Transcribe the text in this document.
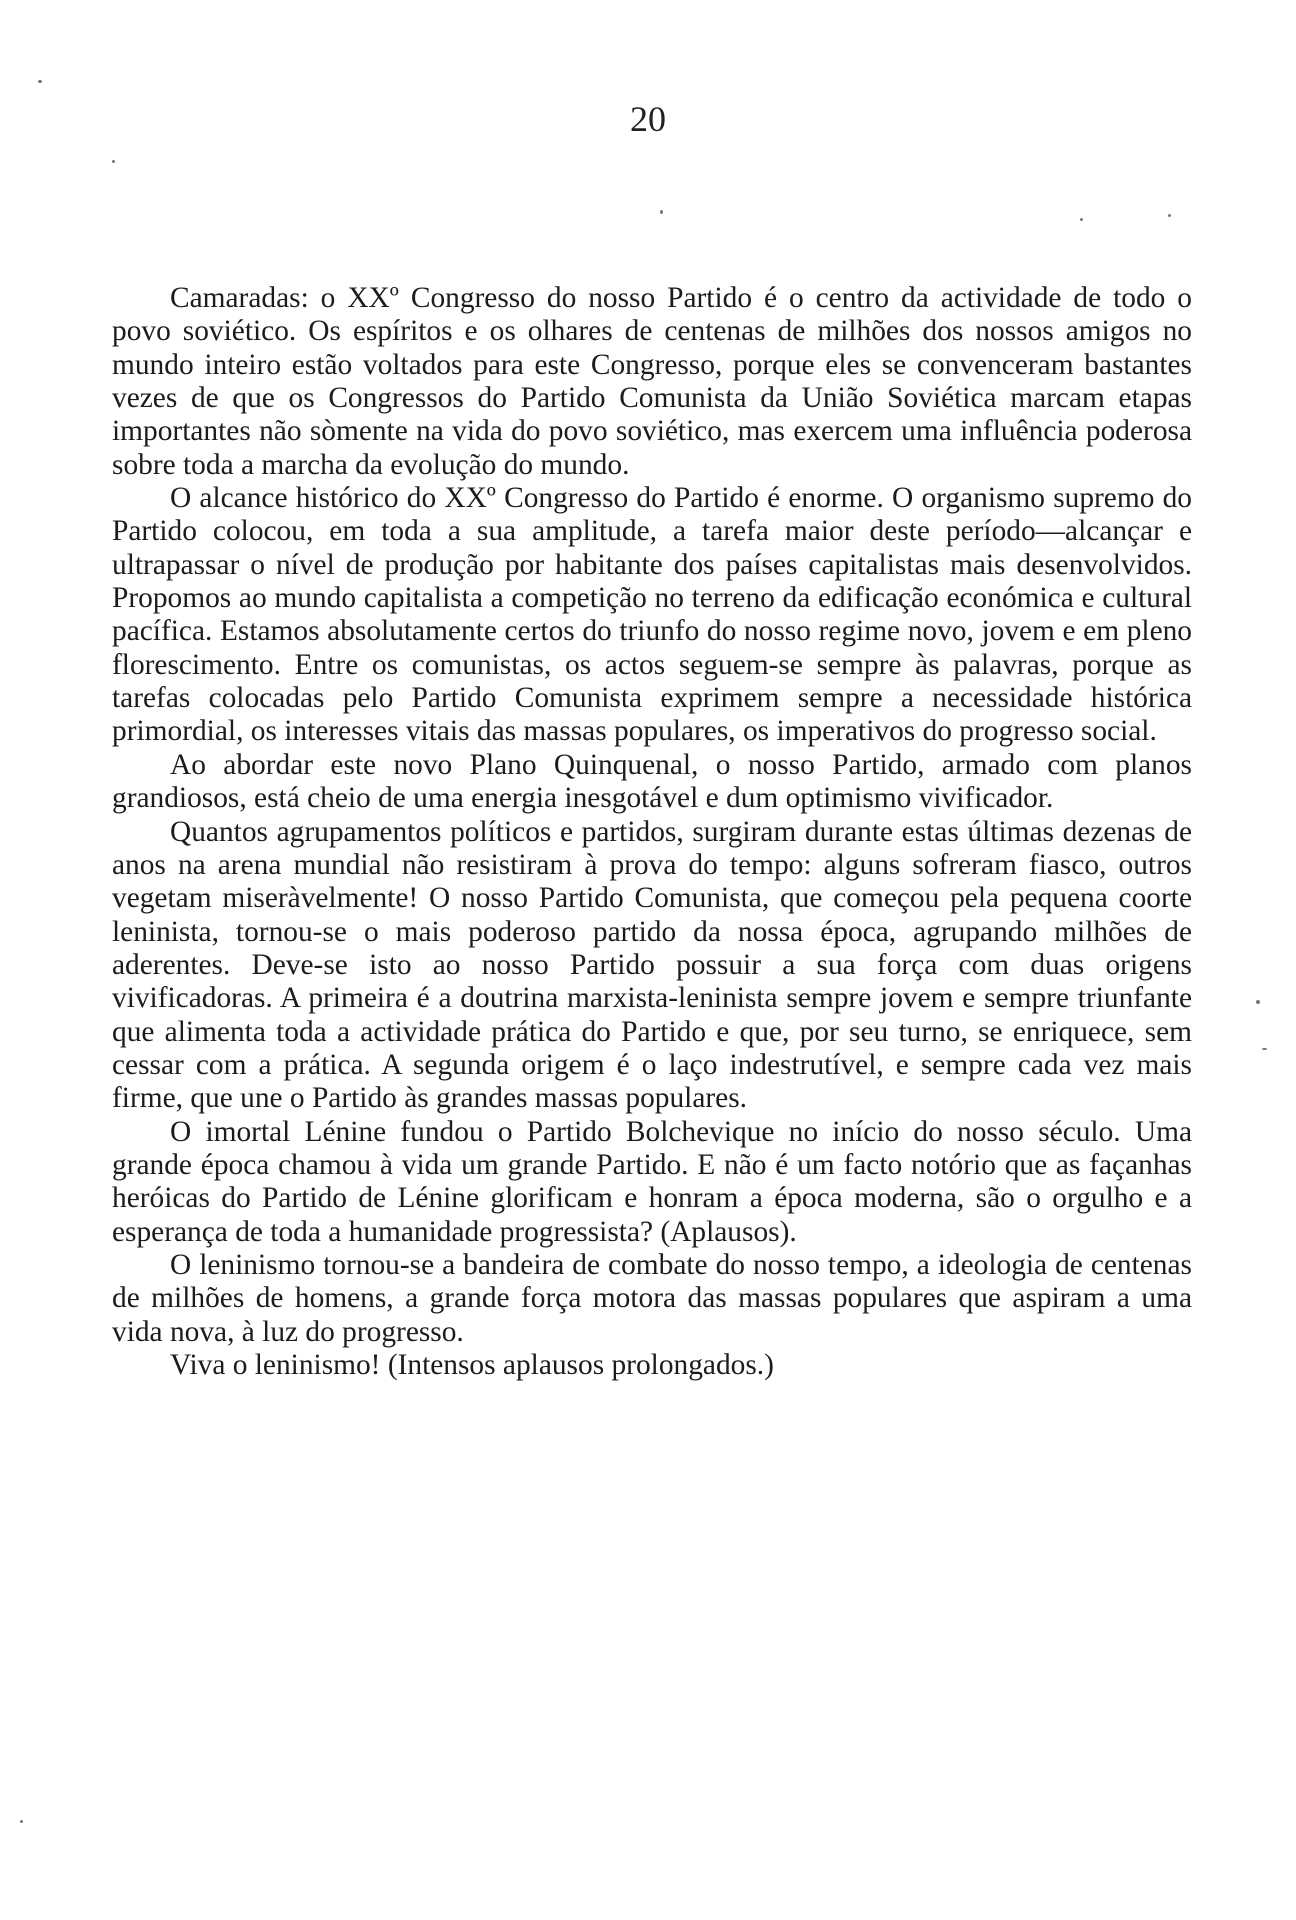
20

Camaradas: o XXº Congresso do nosso Partido é o centro da actividade de todo o povo soviético. Os espíritos e os olhares de centenas de milhões dos nossos amigos no mundo inteiro estão voltados para este Congresso, porque eles se convenceram bastantes vezes de que os Congressos do Partido Comunista da União Soviética marcam etapas importantes não sòmente na vida do povo soviético, mas exercem uma influência poderosa sobre toda a marcha da evolução do mundo.

O alcance histórico do XXº Congresso do Partido é enorme. O organismo supremo do Partido colocou, em toda a sua amplitude, a tarefa maior deste período—alcançar e ultrapassar o nível de produção por habitante dos países capitalistas mais desenvolvidos. Propomos ao mundo capitalista a competição no terreno da edificação económica e cultural pacífica. Estamos absolutamente certos do triunfo do nosso regime novo, jovem e em pleno florescimento. Entre os comunistas, os actos seguem-se sempre às palavras, porque as tarefas colocadas pelo Partido Comunista exprimem sempre a necessidade histórica primordial, os interesses vitais das massas populares, os imperativos do progresso social.

Ao abordar este novo Plano Quinquenal, o nosso Partido, armado com planos grandiosos, está cheio de uma energia inesgotável e dum optimismo vivificador.

Quantos agrupamentos políticos e partidos, surgiram durante estas últimas dezenas de anos na arena mundial não resistiram à prova do tempo: alguns sofreram fiasco, outros vegetam miseràvelmente! O nosso Partido Comunista, que começou pela pequena coorte leninista, tornou-se o mais poderoso partido da nossa época, agrupando milhões de aderentes. Deve-se isto ao nosso Partido possuir a sua força com duas origens vivificadoras. A primeira é a doutrina marxista-leninista sempre jovem e sempre triunfante que alimenta toda a actividade prática do Partido e que, por seu turno, se enriquece, sem cessar com a prática. A segunda origem é o laço indestrutível, e sempre cada vez mais firme, que une o Partido às grandes massas populares.

O imortal Lénine fundou o Partido Bolchevique no início do nosso século. Uma grande época chamou à vida um grande Partido. E não é um facto notório que as façanhas heróicas do Partido de Lénine glorificam e honram a época moderna, são o orgulho e a esperança de toda a humanidade progressista? (Aplausos).

O leninismo tornou-se a bandeira de combate do nosso tempo, a ideologia de centenas de milhões de homens, a grande força motora das massas populares que aspiram a uma vida nova, à luz do progresso.

Viva o leninismo! (Intensos aplausos prolongados.)
